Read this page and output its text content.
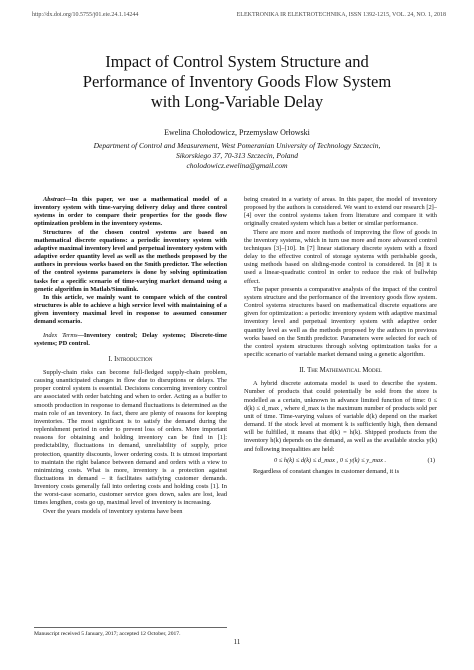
http://dx.doi.org/10.5755/j01.eie.24.1.14244	ELEKTRONIKA IR ELEKTROTECHNIKA, ISSN 1392-1215, VOL. 24, NO. 1, 2018
Impact of Control System Structure and
Performance of Inventory Goods Flow System
with Long-Variable Delay
Ewelina Chołodowicz, Przemysław Orłowski
Department of Control and Measurement, West Pomeranian University of Technology Szczecin,
Sikorskiego 37, 70-313 Szczecin, Poland
cholodowicz.ewelina@gmail.com

Abstract—In this paper, we use a mathematical model of a inventory system with time-varying delivery delay and three control systems in order to compare their properties for the goods flow optimization problem in the inventory systems.

Structures of the chosen control systems are based on mathematical discrete equations: a periodic inventory system with adaptive maximal inventory level and perpetual inventory system with adaptive order quantity level as well as the methods proposed by the authors in previous works based on the Smith predictor. The selection of the control systems parameters is done by solving optimization tasks for a specific scenario of time-varying market demand using a genetic algorithm in Matlab/Simulink.

In this article, we mainly want to compare which of the control structures is able to achieve a high service level with maintaining of a given inventory maximal level in response to assumed consumer demand scenario.

Index Terms—Inventory control; Delay systems; Discrete-time systems; PD control.

I. Introduction

Supply-chain risks can become full-fledged supply-chain problem, causing unanticipated changes in flow due to disruptions or delays. The proper control system is essential. Decisions concerning inventory control are associated with order batching and when to order. Acting as a buffer to smooth production in response to demand fluctuations is determined as the main role of an inventory. In fact, there are plenty of reasons for keeping inventories. The most significant is to satisfy the demand during the replenishment period in order to prevent loss of orders. More important reasons for obtaining and holding inventory can be find in [1]: predictability, fluctuations in demand, unreliability of supply, price protection, quantity discounts, lower ordering costs. It is utmost important to maintain the right balance between demand and orders with a view to minimizing costs. What is more, inventory is a protection against fluctuations in demand – it facilitates satisfying customer demands. Inventory costs generally fall into ordering costs and holding costs [1]. In the worst-case scenario, customer service goes down, sales are lost, lead times lengthen, costs go up, maximal level of inventory is increasing.

Over the years models of inventory systems have been

being created in a variety of areas. In this paper, the model of inventory proposed by the authors is considered. We want to extend our research [2]–[4] over the control systems taken from literature and compare it with originally created system which has a better or similar performance.

There are more and more methods of improving the flow of goods in the inventory systems, which in turn use more and more advanced control techniques [3]–[10]. In [7] linear stationary discrete system with a fixed delay to the effective control of storage systems with perishable goods, using methods based on sliding-mode control is considered. In [8] it is used a linear-quadratic control in order to reduce the risk of bullwhip effect.

The paper presents a comparative analysis of the impact of the control system structure and the performance of the inventory goods flow system. Control systems structures based on mathematical discrete equations are given for optimization: a periodic inventory system with adaptive maximal inventory level and perpetual inventory system with adaptive order quantity level as well as the methods proposed by the authors in previous works based on the Smith predictor. Parameters were selected for each of the control system structures through solving optimization tasks for a specific scenario of variable market demand using a genetic algorithm.

II. The Mathematical Model

A hybrid discrete automata model is used to describe the system. Number of products that could potentially be sold from the store is modelled as a certain, unknown in advance limited function of time: 0 ≤ d(k) ≤ d_max , where d_max is the maximum number of products sold per unit of time. Time-varying values of variable d(k) depend on the market demand. If the stock level at moment k is sufficiently high, then demand will be fulfilled, it means that d(k) = h(k). Shipped products from the inventory h(k) depends on the demand, as well as the available stocks y(k) and following inequalities are held:

0 ≤ h(k) ≤ d(k) ≤ d_max , 0 ≤ y(k) ≤ y_max .	(1)

Regardless of constant changes in customer demand, it is

Manuscript received 5 January, 2017; accepted 12 October, 2017.
11
